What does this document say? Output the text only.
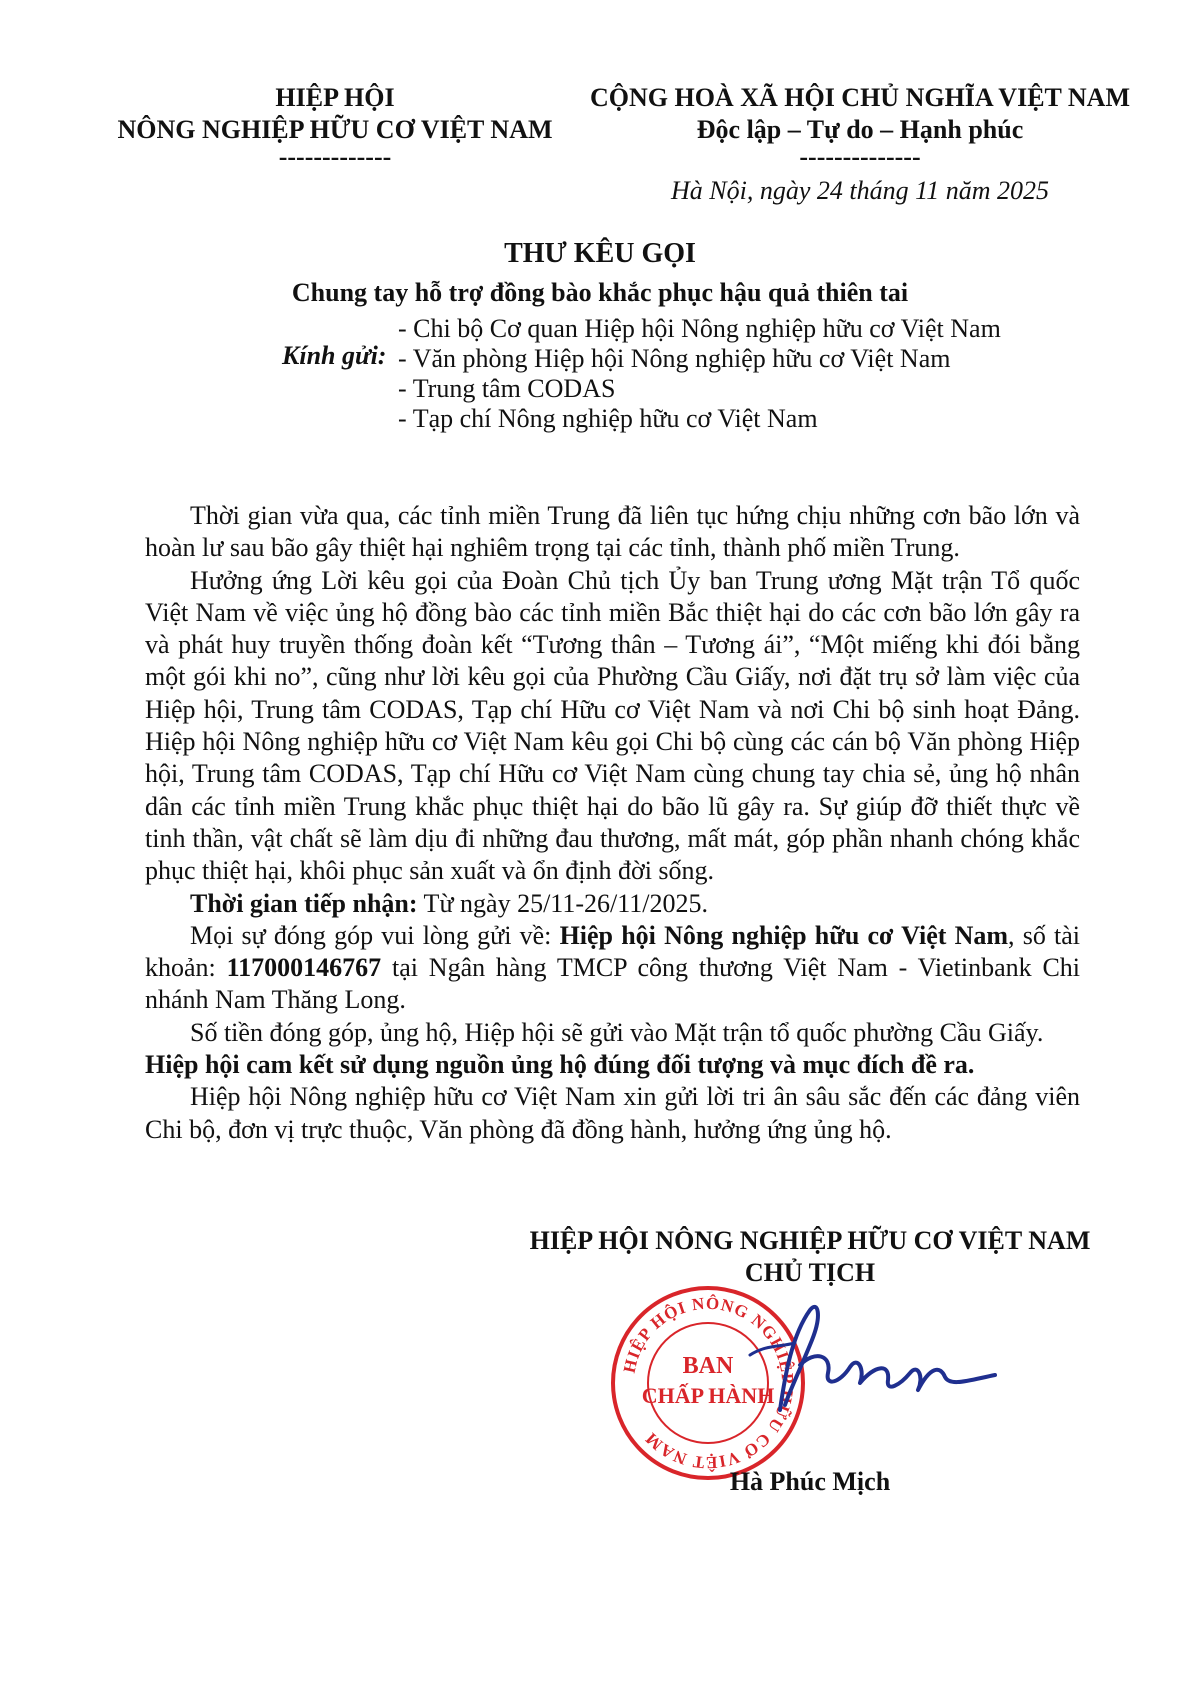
HIỆP HỘI
NÔNG NGHIỆP HỮU CƠ VIỆT NAM
-------------
CỘNG HOÀ XÃ HỘI CHỦ NGHĨA VIỆT NAM
Độc lập – Tự do – Hạnh phúc
--------------
Hà Nội, ngày 24 tháng 11 năm 2025
THƯ KÊU GỌI
Chung tay hỗ trợ đồng bào khắc phục hậu quả thiên tai
Kính gửi:
- Chi bộ Cơ quan Hiệp hội Nông nghiệp hữu cơ Việt Nam
- Văn phòng Hiệp hội Nông nghiệp hữu cơ Việt Nam
- Trung tâm CODAS
- Tạp chí Nông nghiệp hữu cơ Việt Nam

Thời gian vừa qua, các tỉnh miền Trung đã liên tục hứng chịu những cơn bão lớn và hoàn lư sau bão gây thiệt hại nghiêm trọng tại các tỉnh, thành phố miền Trung.

Hưởng ứng Lời kêu gọi của Đoàn Chủ tịch Ủy ban Trung ương Mặt trận Tổ quốc Việt Nam về việc ủng hộ đồng bào các tỉnh miền Bắc thiệt hại do các cơn bão lớn gây ra và phát huy truyền thống đoàn kết “Tương thân – Tương ái”, “Một miếng khi đói bằng một gói khi no”, cũng như lời kêu gọi của Phường Cầu Giấy, nơi đặt trụ sở làm việc của Hiệp hội, Trung tâm CODAS, Tạp chí Hữu cơ Việt Nam và nơi Chi bộ sinh hoạt Đảng. Hiệp hội Nông nghiệp hữu cơ Việt Nam kêu gọi Chi bộ cùng các cán bộ Văn phòng Hiệp hội, Trung tâm CODAS, Tạp chí Hữu cơ Việt Nam cùng chung tay chia sẻ, ủng hộ nhân dân các tỉnh miền Trung khắc phục thiệt hại do bão lũ gây ra. Sự giúp đỡ thiết thực về tinh thần, vật chất sẽ làm dịu đi những đau thương, mất mát, góp phần nhanh chóng khắc phục thiệt hại, khôi phục sản xuất và ổn định đời sống.

Thời gian tiếp nhận: Từ ngày 25/11-26/11/2025.

Mọi sự đóng góp vui lòng gửi về: Hiệp hội Nông nghiệp hữu cơ Việt Nam, số tài khoản: 117000146767 tại Ngân hàng TMCP công thương Việt Nam - Vietinbank Chi nhánh Nam Thăng Long.

Số tiền đóng góp, ủng hộ, Hiệp hội sẽ gửi vào Mặt trận tổ quốc phường Cầu Giấy.

Hiệp hội cam kết sử dụng nguồn ủng hộ đúng đối tượng và mục đích đề ra.

Hiệp hội Nông nghiệp hữu cơ Việt Nam xin gửi lời tri ân sâu sắc đến các đảng viên Chi bộ, đơn vị trực thuộc, Văn phòng đã đồng hành, hưởng ứng ủng hộ.

HIỆP HỘI NÔNG NGHIỆP HỮU CƠ VIỆT NAM
CHỦ TỊCH
HIỆP HỘI NÔNG NGHIỆP HỮU CƠ VIỆT NAM
BAN
CHẤP HÀNH
Hà Phúc Mịch
